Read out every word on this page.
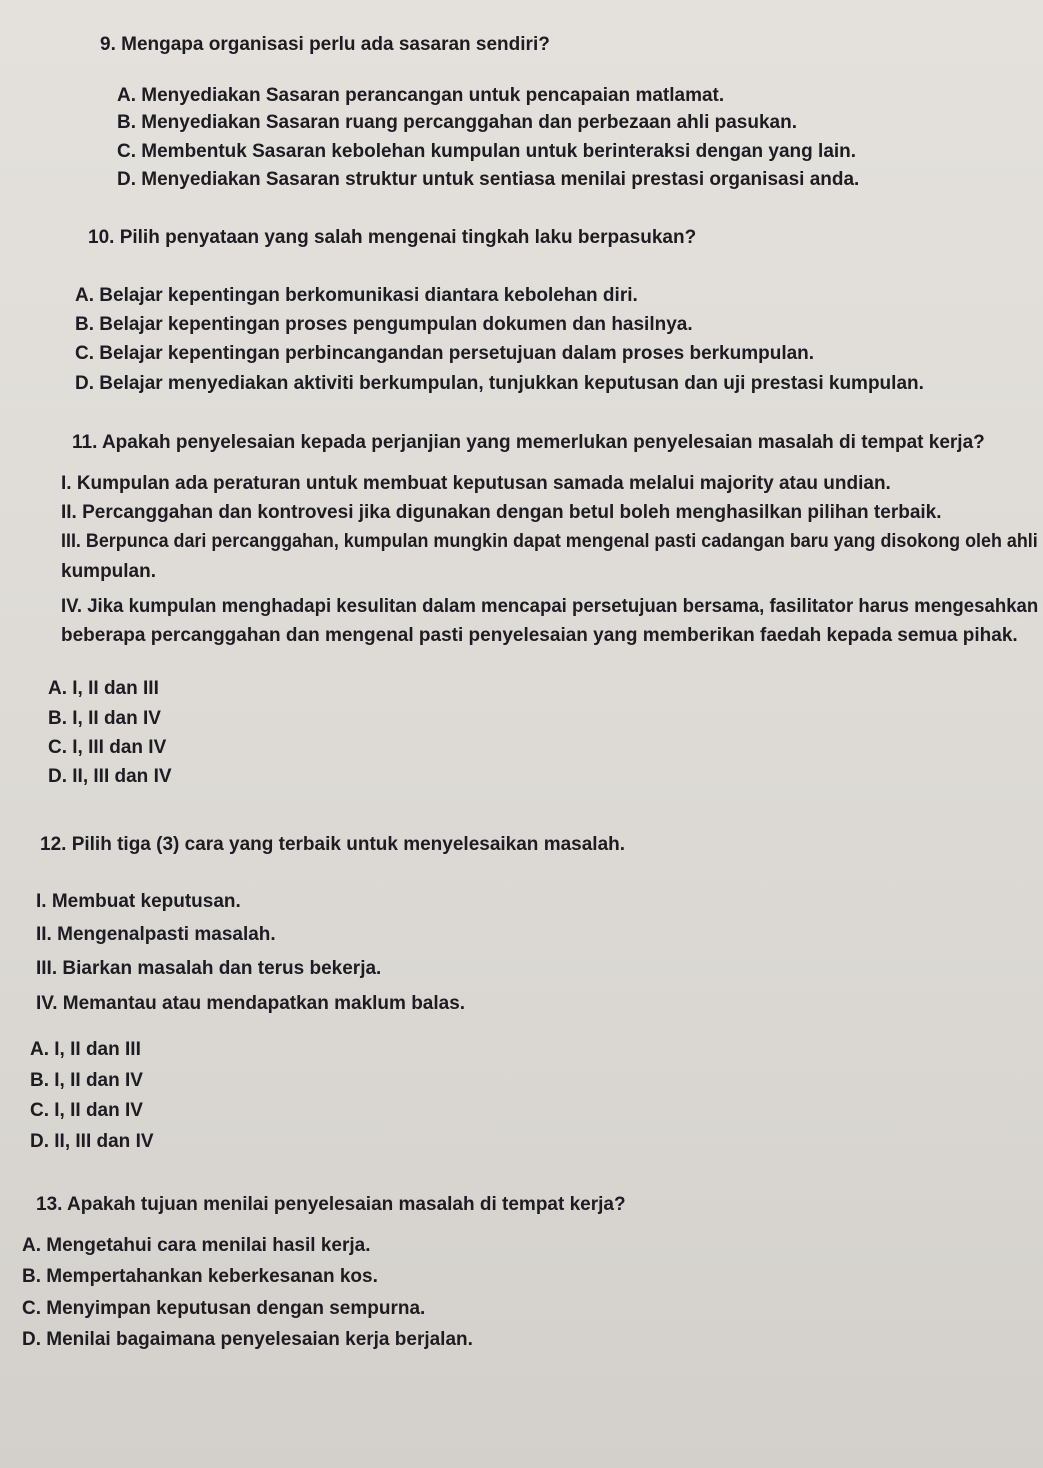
9. Mengapa organisasi perlu ada sasaran sendiri?
A. Menyediakan Sasaran perancangan untuk pencapaian matlamat.
B. Menyediakan Sasaran ruang percanggahan dan perbezaan ahli pasukan.
C. Membentuk Sasaran kebolehan kumpulan untuk berinteraksi dengan yang lain.
D. Menyediakan Sasaran struktur untuk sentiasa menilai prestasi organisasi anda.
10. Pilih penyataan yang salah mengenai tingkah laku berpasukan?
A. Belajar kepentingan berkomunikasi diantara kebolehan diri.
B. Belajar kepentingan proses pengumpulan dokumen dan hasilnya.
C. Belajar kepentingan perbincangandan persetujuan dalam proses berkumpulan.
D. Belajar menyediakan aktiviti berkumpulan, tunjukkan keputusan dan uji prestasi kumpulan.
11. Apakah penyelesaian kepada perjanjian yang memerlukan penyelesaian masalah di tempat kerja?
I. Kumpulan ada peraturan untuk membuat keputusan samada melalui majority atau undian.
II. Percanggahan dan kontrovesi jika digunakan dengan betul boleh menghasilkan pilihan terbaik.
III. Berpunca dari percanggahan, kumpulan mungkin dapat mengenal pasti cadangan baru yang disokong oleh ahli
kumpulan.
IV. Jika kumpulan menghadapi kesulitan dalam mencapai persetujuan bersama, fasilitator harus mengesahkan
beberapa percanggahan dan mengenal pasti penyelesaian yang memberikan faedah kepada semua pihak.
A. I, II dan III
B. I, II dan IV
C. I, III dan IV
D. II, III dan IV
12. Pilih tiga (3) cara yang terbaik untuk menyelesaikan masalah.
I. Membuat keputusan.
II. Mengenalpasti masalah.
III. Biarkan masalah dan terus bekerja.
IV. Memantau atau mendapatkan maklum balas.
A. I, II dan III
B. I, II dan IV
C. I, II dan IV
D. II, III dan IV
13. Apakah tujuan menilai penyelesaian masalah di tempat kerja?
A. Mengetahui cara menilai hasil kerja.
B. Mempertahankan keberkesanan kos.
C. Menyimpan keputusan dengan sempurna.
D. Menilai bagaimana penyelesaian kerja berjalan.
